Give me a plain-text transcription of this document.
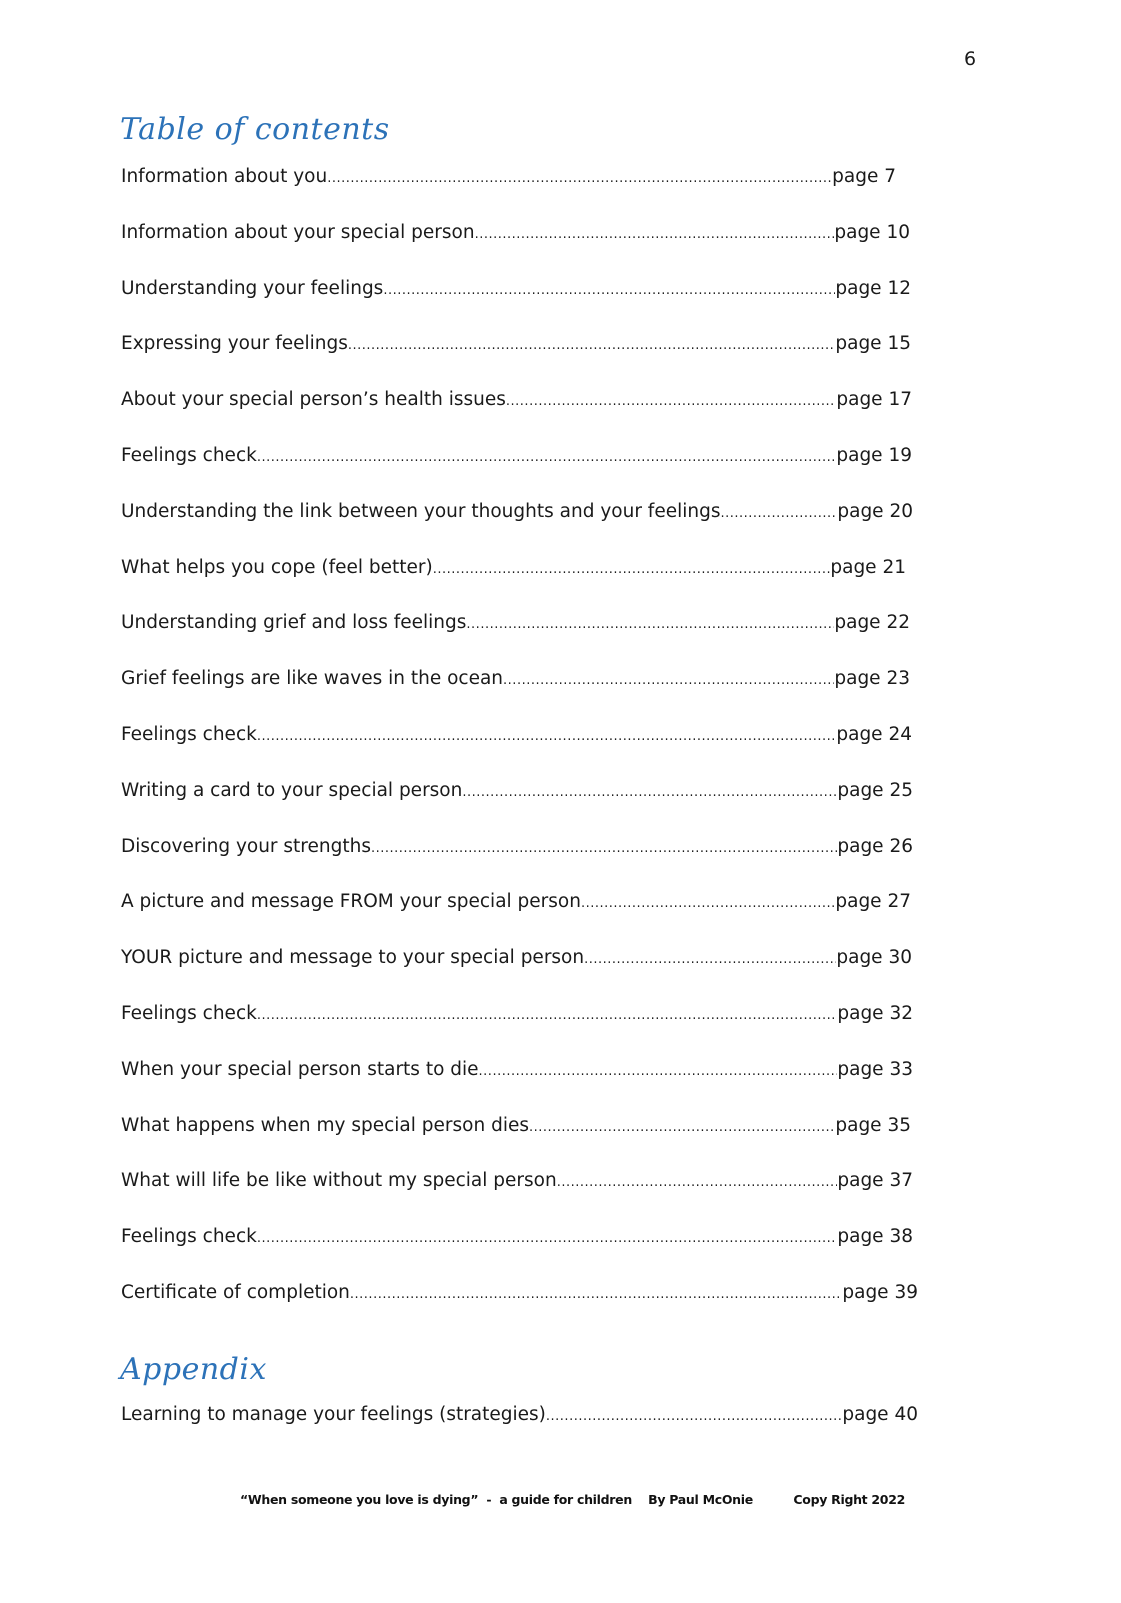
6
Table of contents
Information about you .....	page 7
Information about your special person .....	page 10
Understanding your feelings .....	page 12
Expressing your feelings .....	page 15
About your special person’s health issues .....	page 17
Feelings check .....	page 19
Understanding the link between your thoughts and your feelings .....	page 20
What helps you cope (feel better) .....	page 21
Understanding grief and loss feelings .....	page 22
Grief feelings are like waves in the ocean .....	page 23
Feelings check .....	page 24
Writing a card to your special person .....	page 25
Discovering your strengths .....	page 26
A picture and message FROM your special person .....	page 27
YOUR picture and message to your special person .....	page 30
Feelings check .....	page 32
When your special person starts to die .....	page 33
What happens when my special person dies .....	page 35
What will life be like without my special person .....	page 37
Feelings check .....	page 38
Certificate of completion .....	page 39
Appendix
Learning to manage your feelings (strategies) .....	page 40
“When someone you love is dying”  -  a guide for children    By Paul McOnie          Copy Right 2022
